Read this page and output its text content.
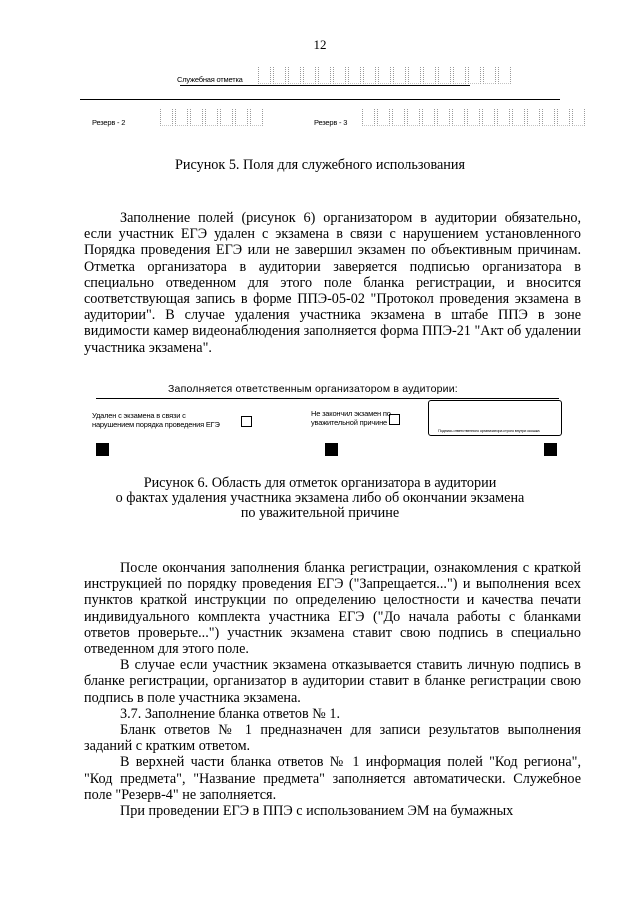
12
Служебная отметка
Резерв - 2	Резерв - 3
Рисунок 5. Поля для служебного использования

Заполнение полей (рисунок 6) организатором в аудитории обязательно, если участник ЕГЭ удален с экзамена в связи с нарушением установленного Порядка проведения ЕГЭ или не завершил экзамен по объективным причинам. Отметка организатора в аудитории заверяется подписью организатора в специально отведенном для этого поле бланка регистрации, и вносится соответствующая запись в форме ППЭ-05-02 "Протокол проведения экзамена в аудитории". В случае удаления участника экзамена в штабе ППЭ в зоне видимости камер видеонаблюдения заполняется форма ППЭ-21 "Акт об удалении участника экзамена".

Заполняется ответственным организатором в аудитории:
Удален с экзамена в связи с
нарушением порядка проведения ЕГЭ
Не закончил экзамен по
уважительной причине
Подпись ответственного организатора строго внутри окошка
Рисунок 6. Область для отметок организатора в аудитории
о фактах удаления участника экзамена либо об окончании экзамена
по уважительной причине

После окончания заполнения бланка регистрации, ознакомления с краткой инструкцией по порядку проведения ЕГЭ ("Запрещается...") и выполнения всех пунктов краткой инструкции по определению целостности и качества печати индивидуального комплекта участника ЕГЭ ("До начала работы с бланками ответов проверьте...") участник экзамена ставит свою подпись в специально отведенном для этого поле.

В случае если участник экзамена отказывается ставить личную подпись в бланке регистрации, организатор в аудитории ставит в бланке регистрации свою подпись в поле участника экзамена.

3.7. Заполнение бланка ответов № 1.

Бланк ответов № 1 предназначен для записи результатов выполнения заданий с кратким ответом.

В верхней части бланка ответов № 1 информация полей "Код региона", "Код предмета", "Название предмета" заполняется автоматически. Служебное поле "Резерв-4" не заполняется.

При проведении ЕГЭ в ППЭ с использованием ЭМ на бумажных
